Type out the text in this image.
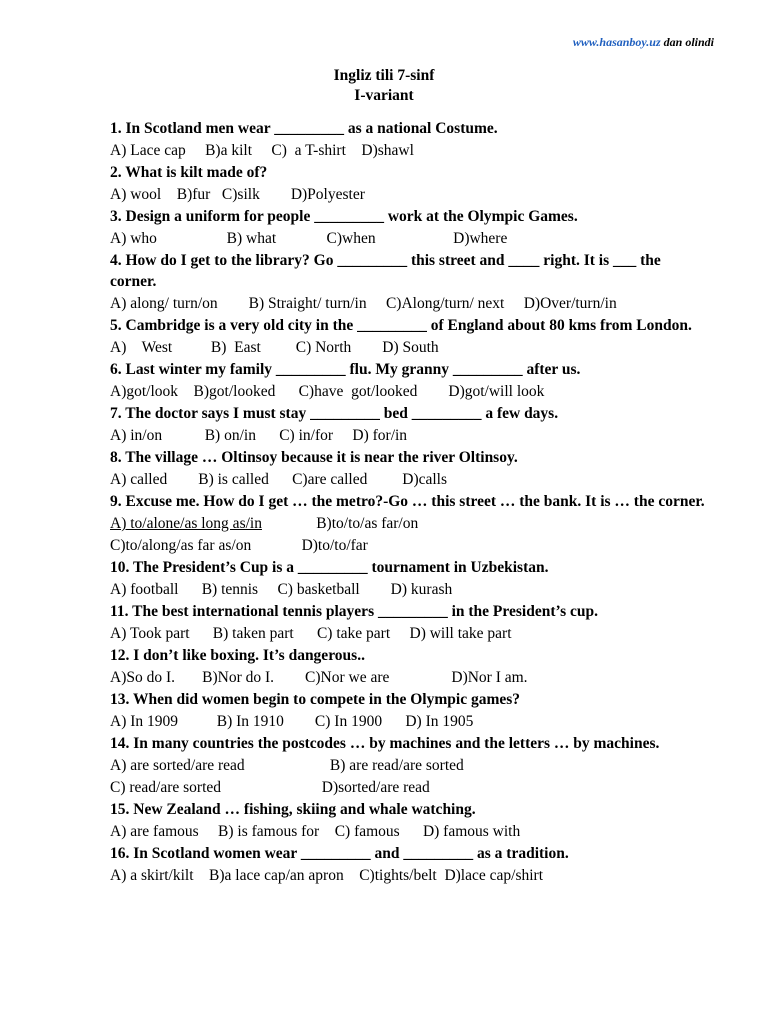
www.hasanboy.uz dan olindi
Ingliz tili 7-sinf
I-variant
1. In Scotland men wear _________ as a national Costume.
A) Lace cap     B)a kilt     C)  a T-shirt    D)shawl
2. What is kilt made of?
A) wool    B)fur   C)silk        D)Polyester
3. Design a uniform for people _________ work at the Olympic Games.
A) who                  B) what             C)when                    D)where
4. How do I get to the library? Go _________ this street and ____ right. It is ___ the corner.
A) along/ turn/on        B) Straight/ turn/in     C)Along/turn/ next     D)Over/turn/in
5. Cambridge is a very old city in the _________ of England about 80 kms from London.
A)    West          B)  East         C) North        D) South
6. Last winter my family _________ flu. My granny _________ after us.
A)got/look    B)got/looked      C)have  got/looked        D)got/will look
7. The doctor says I must stay _________ bed _________ a few days.
A) in/on           B) on/in      C) in/for     D) for/in
8. The village … Oltinsoy because it is near the river Oltinsoy.
A) called        B) is called      C)are called         D)calls
9. Excuse me. How do I get … the metro?-Go … this street … the bank. It is … the corner.
A) to/alone/as long as/in              B)to/to/as far/on
C)to/along/as far as/on             D)to/to/far
10. The President’s Cup is a _________ tournament in Uzbekistan.
A) football      B) tennis     C) basketball        D) kurash
11. The best international tennis players _________ in the President’s cup.
A) Took part      B) taken part      C) take part     D) will take part
12. I don’t like boxing. It’s dangerous..
A)So do I.       B)Nor do I.        C)Nor we are                D)Nor I am.
13. When did women begin to compete in the Olympic games?
A) In 1909          B) In 1910        C) In 1900      D) In 1905
14. In many countries the postcodes … by machines and the letters … by machines.
A) are sorted/are read                      B) are read/are sorted
C) read/are sorted                          D)sorted/are read
15. New Zealand … fishing, skiing and whale watching.
A) are famous     B) is famous for    C) famous      D) famous with
16. In Scotland women wear _________ and _________ as a tradition.
A) a skirt/kilt    B)a lace cap/an apron    C)tights/belt  D)lace cap/shirt
